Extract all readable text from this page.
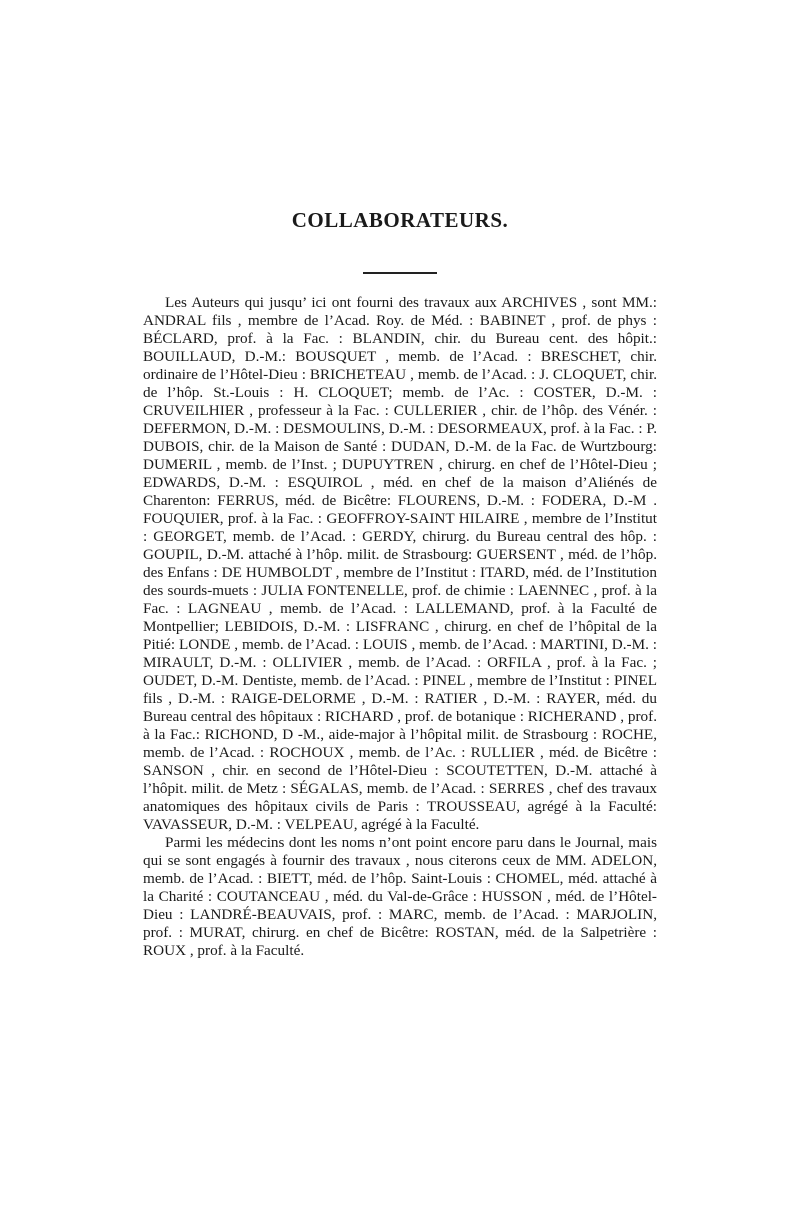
COLLABORATEURS.

Les Auteurs qui jusqu’ ici ont fourni des travaux aux ARCHIVES , sont MM.: ANDRAL fils , membre de l’Acad. Roy. de Méd. : BABINET , prof. de phys : BÉCLARD, prof. à la Fac. : BLANDIN, chir. du Bureau cent. des hôpit.: BOUILLAUD, D.-M.: BOUSQUET , memb. de l’Acad. : BRESCHET, chir. ordinaire de l’Hôtel-Dieu : BRICHETEAU , memb. de l’Acad. : J. CLOQUET, chir. de l’hôp. St.-Louis : H. CLOQUET; memb. de l’Ac. : COSTER, D.-M. : CRUVEILHIER , professeur à la Fac. : CULLERIER , chir. de l’hôp. des Vénér. : DEFERMON, D.-M. : DESMOULINS, D.-M. : DESORMEAUX, prof. à la Fac. : P. DUBOIS, chir. de la Maison de Santé : DUDAN, D.-M. de la Fac. de Wurtzbourg: DUMERIL , memb. de l’Inst. ; DUPUYTREN , chirurg. en chef de l’Hôtel-Dieu ; EDWARDS, D.-M. : ESQUIROL , méd. en chef de la maison d’Aliénés de Charenton: FERRUS, méd. de Bicêtre: FLOURENS, D.-M. : FODERA, D.-M . FOUQUIER, prof. à la Fac. : GEOFFROY-SAINT HILAIRE , membre de l’Institut : GEORGET, memb. de l’Acad. : GERDY, chirurg. du Bureau central des hôp. : GOUPIL, D.-M. attaché à l’hôp. milit. de Strasbourg: GUERSENT , méd. de l’hôp. des Enfans : DE HUMBOLDT , membre de l’Institut : ITARD, méd. de l’Institution des sourds-muets : JULIA FONTENELLE, prof. de chimie : LAENNEC , prof. à la Fac. : LAGNEAU , memb. de l’Acad. : LALLEMAND, prof. à la Faculté de Montpellier; LEBIDOIS, D.-M. : LISFRANC , chirurg. en chef de l’hôpital de la Pitié: LONDE , memb. de l’Acad. : LOUIS , memb. de l’Acad. : MARTINI, D.-M. : MIRAULT, D.-M. : OLLIVIER , memb. de l’Acad. : ORFILA , prof. à la Fac. ; OUDET, D.-M. Dentiste, memb. de l’Acad. : PINEL , membre de l’Institut : PINEL fils , D.-M. : RAIGE-DELORME , D.-M. : RATIER , D.-M. : RAYER, méd. du Bureau central des hôpitaux : RICHARD , prof. de botanique : RICHERAND , prof. à la Fac.: RICHOND, D -M., aide-major à l’hôpital milit. de Strasbourg : ROCHE, memb. de l’Acad. : ROCHOUX , memb. de l’Ac. : RULLIER , méd. de Bicêtre : SANSON , chir. en second de l’Hôtel-Dieu : SCOUTETTEN, D.-M. attaché à l’hôpit. milit. de Metz : SÉGALAS, memb. de l’Acad. : SERRES , chef des travaux anatomiques des hôpitaux civils de Paris : TROUSSEAU, agrégé à la Faculté: VAVASSEUR, D.-M. : VELPEAU, agrégé à la Faculté.

Parmi les médecins dont les noms n’ont point encore paru dans le Journal, mais qui se sont engagés à fournir des travaux , nous citerons ceux de MM. ADELON, memb. de l’Acad. : BIETT, méd. de l’hôp. Saint-Louis : CHOMEL, méd. attaché à la Charité : COUTANCEAU , méd. du Val-de-Grâce : HUSSON , méd. de l’Hôtel-Dieu : LANDRÉ-BEAUVAIS, prof. : MARC, memb. de l’Acad. : MARJOLIN, prof. : MURAT, chirurg. en chef de Bicêtre: ROSTAN, méd. de la Salpetrière : ROUX , prof. à la Faculté.
